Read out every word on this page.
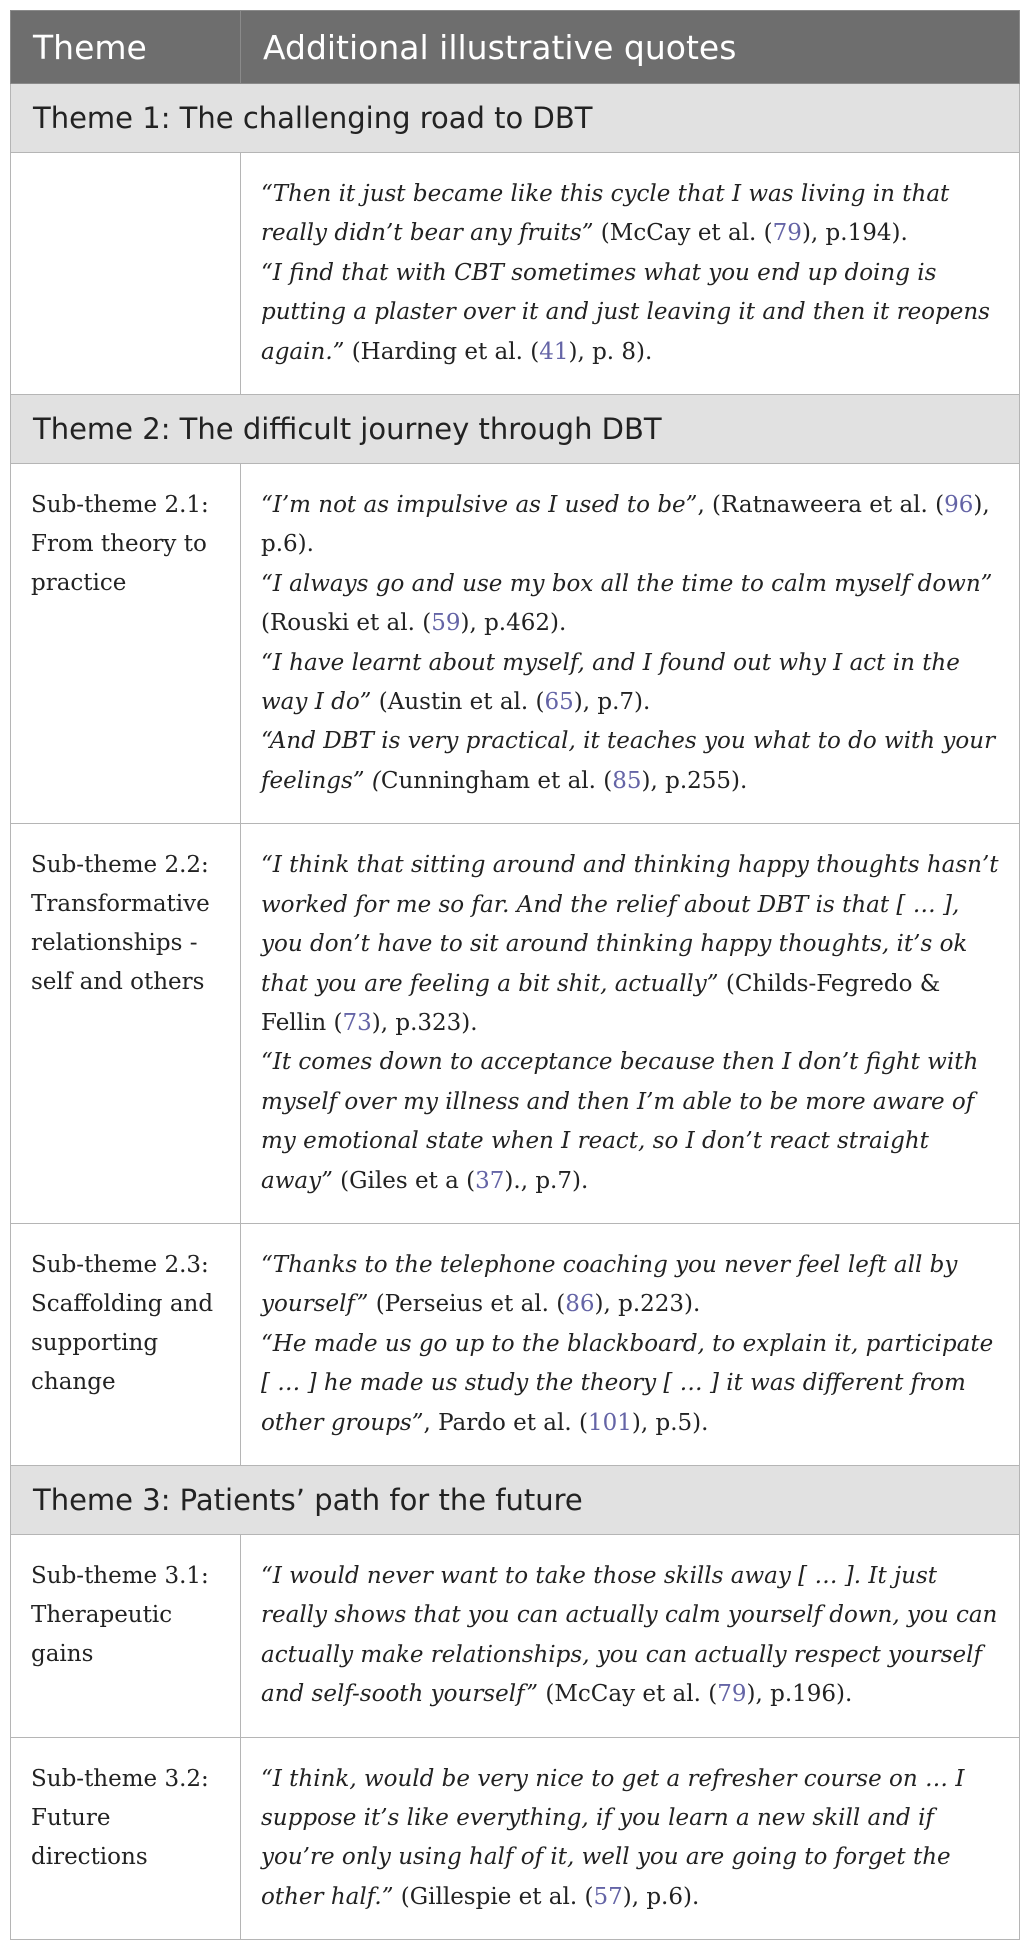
Theme	Additional illustrative quotes
Theme 1: The challenging road to DBT	

	“Then it just became like this cycle that I was living in that really didn’t bear any fruits” (McCay et al. (79), p.194).
“I find that with CBT sometimes what you end up doing is putting a plaster over it and just leaving it and then it reopens again.” (Harding et al. (41), p. 8).

Theme 2: The difficult journey through DBT	
Sub-theme 2.1: From theory to practice	“I’m not as impulsive as I used to be”, (Ratnaweera et al. (96), p.6).
“I always go and use my box all the time to calm myself down” (Rouski et al. (59), p.462).
“I have learnt about myself, and I found out why I act in the way I do” (Austin et al. (65), p.7).
“And DBT is very practical, it teaches you what to do with your feelings” (Cunningham et al. (85), p.255).

Sub-theme 2.2: Transformative relationships - self and others	“I think that sitting around and thinking happy thoughts hasn’t worked for me so far. And the relief about DBT is that [ … ], you don’t have to sit around thinking happy thoughts, it’s ok that you are feeling a bit shit, actually” (Childs-Fegredo & Fellin (73), p.323).
“It comes down to acceptance because then I don’t fight with myself over my illness and then I’m able to be more aware of my emotional state when I react, so I don’t react straight away” (Giles et a (37)., p.7).

Sub-theme 2.3: Scaffolding and supporting change	“Thanks to the telephone coaching you never feel left all by yourself” (Perseius et al. (86), p.223).
“He made us go up to the blackboard, to explain it, participate [ … ] he made us study the theory [ … ] it was different from other groups”, Pardo et al. (101), p.5).

Theme 3: Patients’ path for the future	
Sub-theme 3.1: Therapeutic gains	“I would never want to take those skills away [ … ]. It just really shows that you can actually calm yourself down, you can actually make relationships, you can actually respect yourself and self-sooth yourself” (McCay et al. (79), p.196).

Sub-theme 3.2: Future directions	“I think, would be very nice to get a refresher course on … I suppose it’s like everything, if you learn a new skill and if you’re only using half of it, well you are going to forget the other half.” (Gillespie et al. (57), p.6).
